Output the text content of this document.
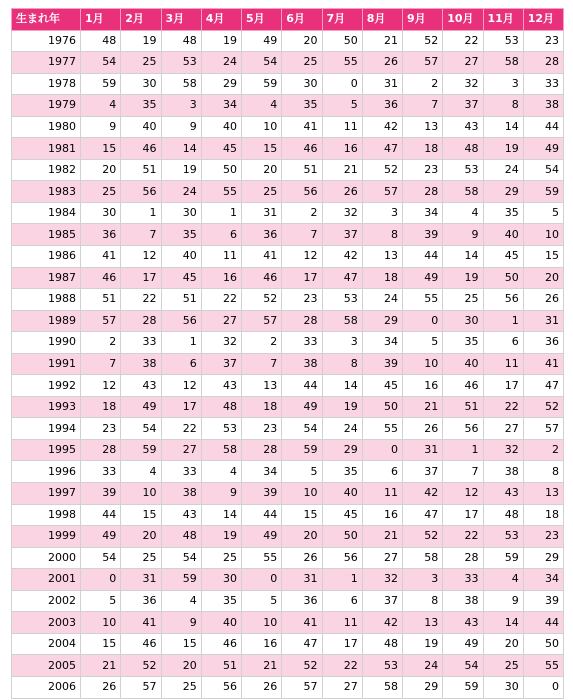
生まれ年	1月	2月	3月	4月	5月	6月	7月	8月	9月	10月	11月	12月
1976	48	19	48	19	49	20	50	21	52	22	53	23
1977	54	25	53	24	54	25	55	26	57	27	58	28
1978	59	30	58	29	59	30	0	31	2	32	3	33
1979	4	35	3	34	4	35	5	36	7	37	8	38
1980	9	40	9	40	10	41	11	42	13	43	14	44
1981	15	46	14	45	15	46	16	47	18	48	19	49
1982	20	51	19	50	20	51	21	52	23	53	24	54
1983	25	56	24	55	25	56	26	57	28	58	29	59
1984	30	1	30	1	31	2	32	3	34	4	35	5
1985	36	7	35	6	36	7	37	8	39	9	40	10
1986	41	12	40	11	41	12	42	13	44	14	45	15
1987	46	17	45	16	46	17	47	18	49	19	50	20
1988	51	22	51	22	52	23	53	24	55	25	56	26
1989	57	28	56	27	57	28	58	29	0	30	1	31
1990	2	33	1	32	2	33	3	34	5	35	6	36
1991	7	38	6	37	7	38	8	39	10	40	11	41
1992	12	43	12	43	13	44	14	45	16	46	17	47
1993	18	49	17	48	18	49	19	50	21	51	22	52
1994	23	54	22	53	23	54	24	55	26	56	27	57
1995	28	59	27	58	28	59	29	0	31	1	32	2
1996	33	4	33	4	34	5	35	6	37	7	38	8
1997	39	10	38	9	39	10	40	11	42	12	43	13
1998	44	15	43	14	44	15	45	16	47	17	48	18
1999	49	20	48	19	49	20	50	21	52	22	53	23
2000	54	25	54	25	55	26	56	27	58	28	59	29
2001	0	31	59	30	0	31	1	32	3	33	4	34
2002	5	36	4	35	5	36	6	37	8	38	9	39
2003	10	41	9	40	10	41	11	42	13	43	14	44
2004	15	46	15	46	16	47	17	48	19	49	20	50
2005	21	52	20	51	21	52	22	53	24	54	25	55
2006	26	57	25	56	26	57	27	58	29	59	30	0
